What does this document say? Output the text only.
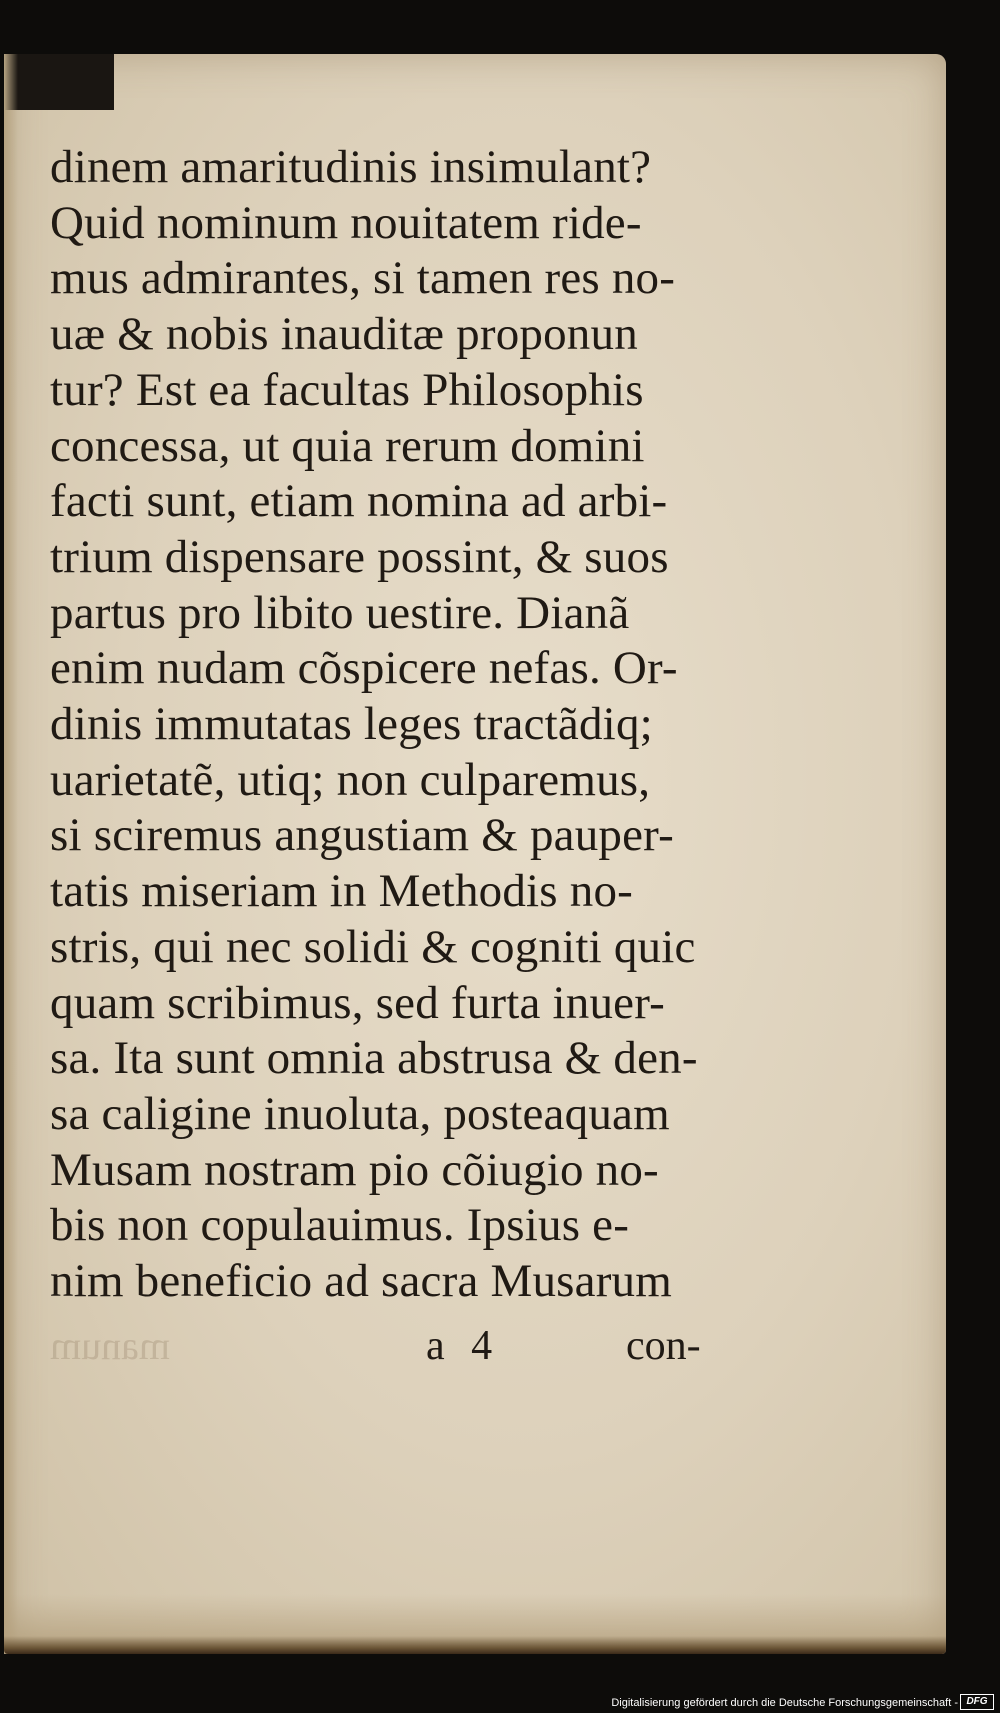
dinem amaritudinis insimulant?
Quid nominum nouitatem ride-
mus admirantes, si tamen res no-
uæ & nobis inauditæ proponun
tur? Est ea facultas Philosophis
concessa, ut quia rerum domini
facti sunt, etiam nomina ad arbi-
trium dispensare possint, & suos
partus pro libito uestire. Dianã
enim nudam cõspicere nefas. Or-
dinis immutatas leges tractãdiq;
uarietatẽ, utiq; non culparemus,
si sciremus angustiam & pauper-
tatis miseriam in Methodis no-
stris, qui nec solidi & cogniti quic
quam scribimus, sed furta inuer-
sa. Ita sunt omnia abstrusa & den-
sa caligine inuoluta, posteaquam
Musam nostram pio cõiugio no-
bis non copulauimus. Ipsius e-
nim beneficio ad sacra Musarum
manum	a 4	con-
Digitalisierung gefördert durch die Deutsche Forschungsgemeinschaft - DFG
